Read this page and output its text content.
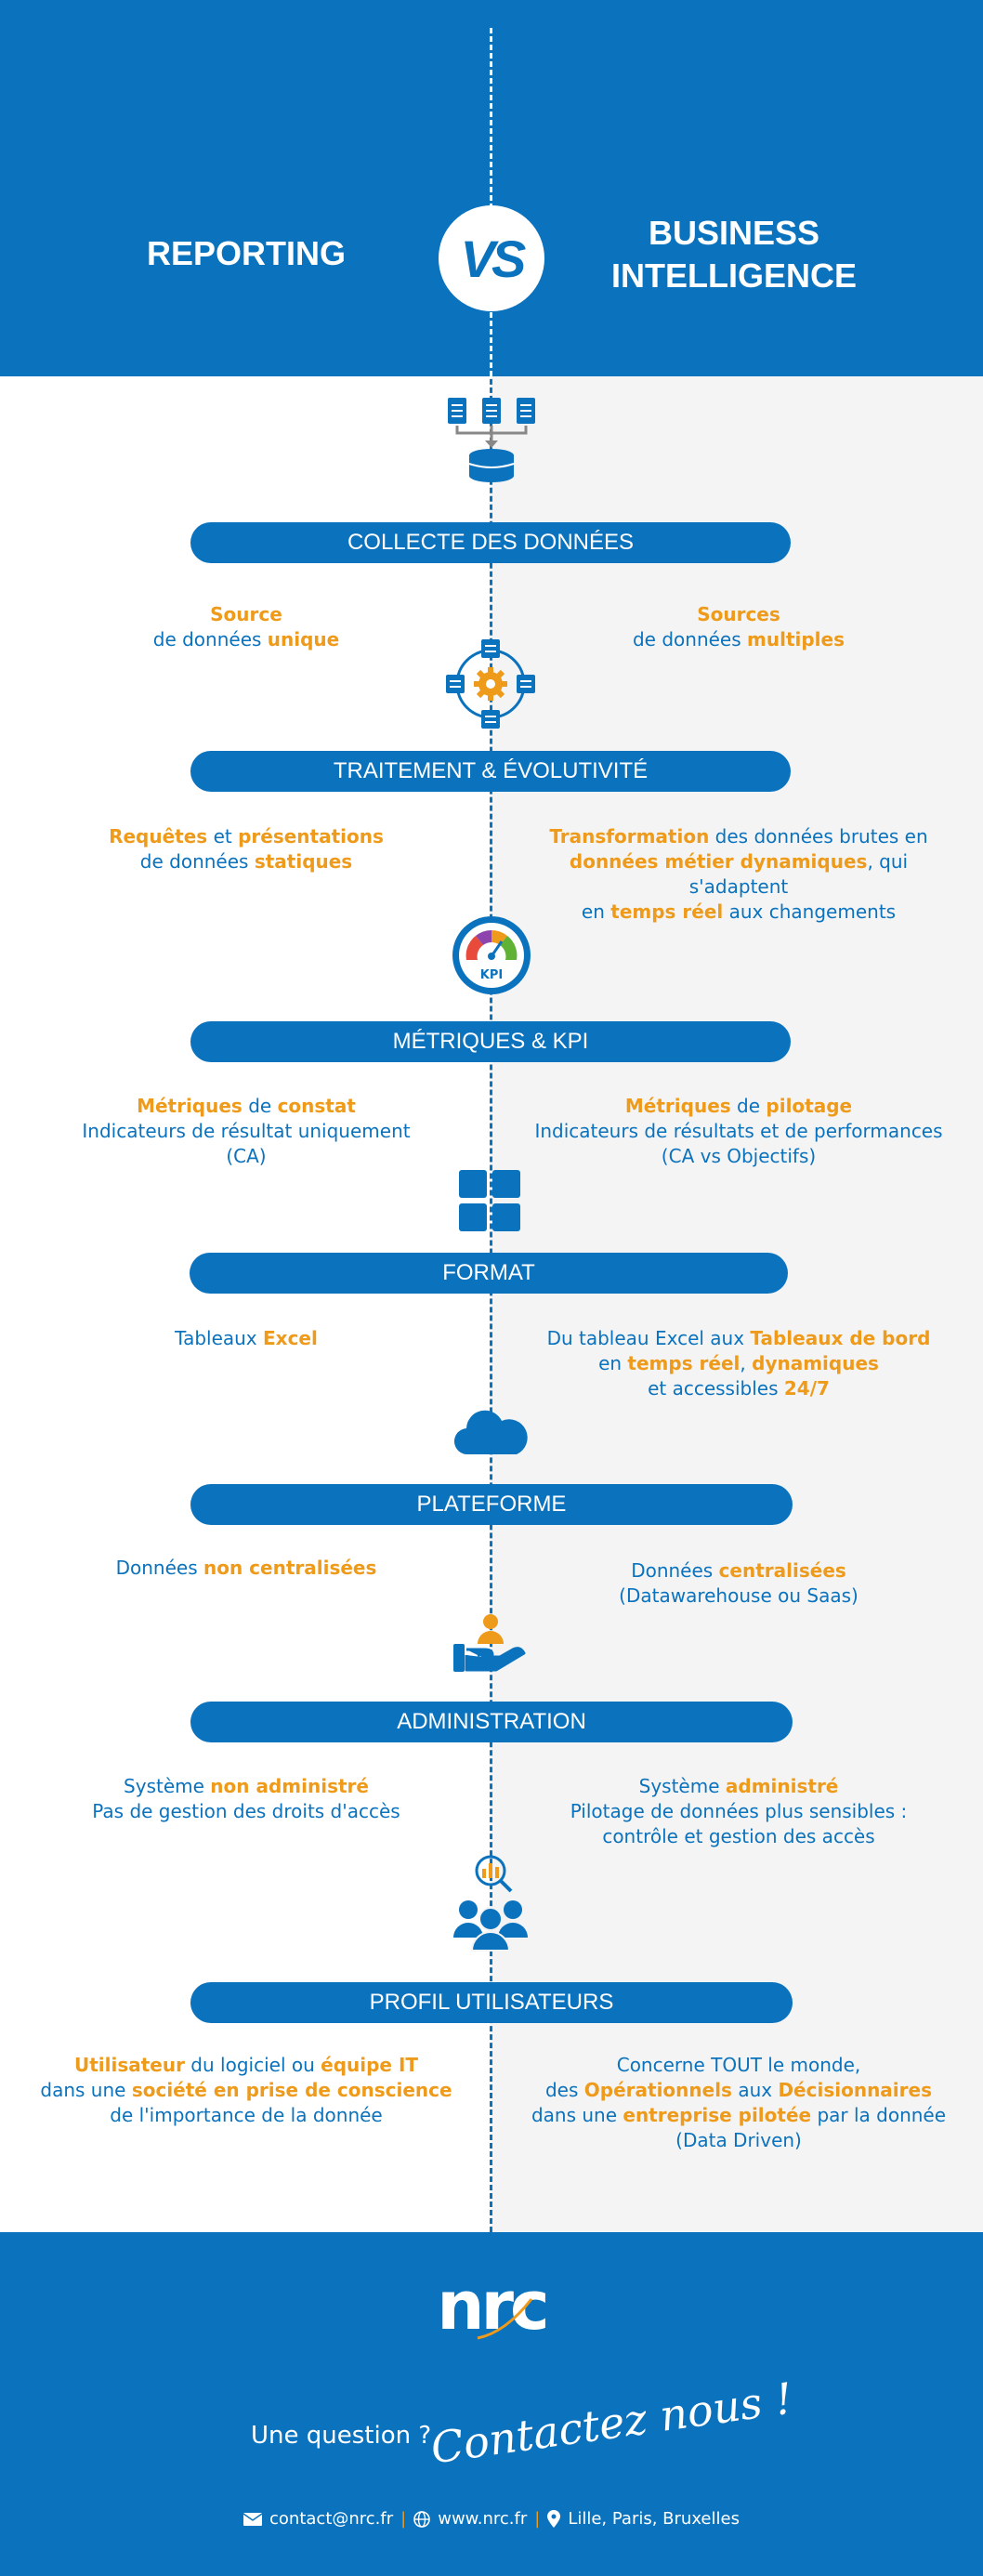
REPORTING	VS	BUSINESS
INTELLIGENCE
COLLECTE DES DONNÉES
Source
de données unique
Sources
de données multiples
TRAITEMENT & ÉVOLUTIVITÉ
Requêtes et présentations
de données statiques
Transformation des données brutes en
données métier dynamiques, qui s'adaptent
en temps réel aux changements
KPI
MÉTRIQUES & KPI
Métriques de constat
Indicateurs de résultat uniquement
(CA)
Métriques de pilotage
Indicateurs de résultats et de performances
(CA vs Objectifs)
FORMAT
Tableaux Excel	Du tableau Excel aux Tableaux de bord
en temps réel, dynamiques
et accessibles 24/7
PLATEFORME
Données non centralisées	Données centralisées
(Datawarehouse ou Saas)
ADMINISTRATION
Système non administré
Pas de gestion des droits d'accès
Système administré
Pilotage de données plus sensibles :
contrôle et gestion des accès
PROFIL UTILISATEURS
Utilisateur du logiciel ou équipe IT
dans une société en prise de conscience
de l'importance de la donnée
Concerne TOUT le monde,
des Opérationnels aux Décisionnaires
dans une entreprise pilotée par la donnée
(Data Driven)
nrc
Une question ?
Contactez nous !
contact@nrc.fr | www.nrc.fr | Lille, Paris, Bruxelles
